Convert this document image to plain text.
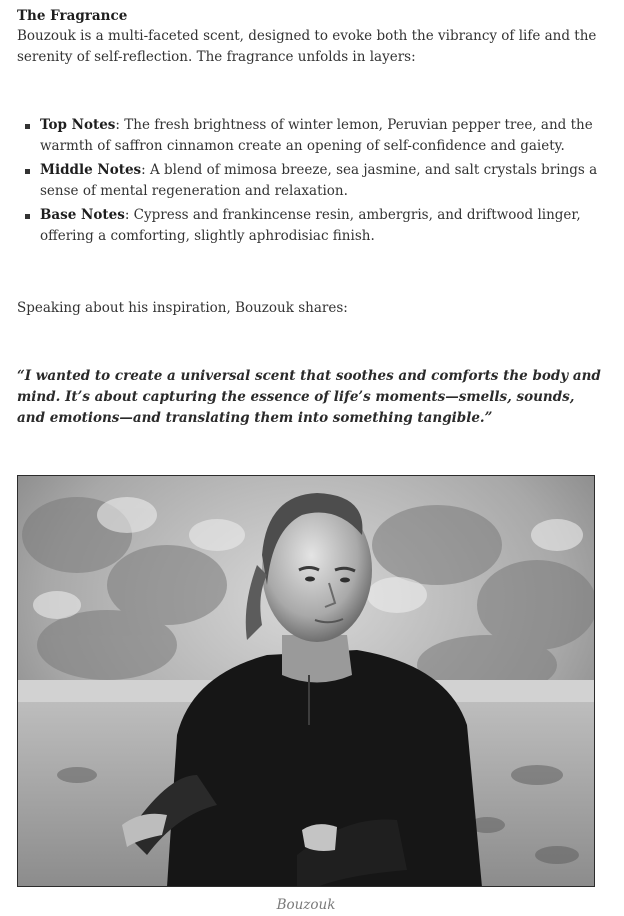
The Fragrance

Bouzouk is a multi-faceted scent, designed to evoke both the vibrancy of life and the serenity of self-reflection. The fragrance unfolds in layers:

Top Notes: The fresh brightness of winter lemon, Peruvian pepper tree, and the warmth of saffron cinnamon create an opening of self-confidence and gaiety.
Middle Notes: A blend of mimosa breeze, sea jasmine, and salt crystals brings a sense of mental regeneration and relaxation.
Base Notes: Cypress and frankincense resin, ambergris, and driftwood linger, offering a comforting, slightly aphrodisiac finish.

Speaking about his inspiration, Bouzouk shares:

“I wanted to create a universal scent that soothes and comforts the body and mind. It’s about capturing the essence of life’s moments—smells, sounds, and emotions—and translating them into something tangible.”

Bouzouk
